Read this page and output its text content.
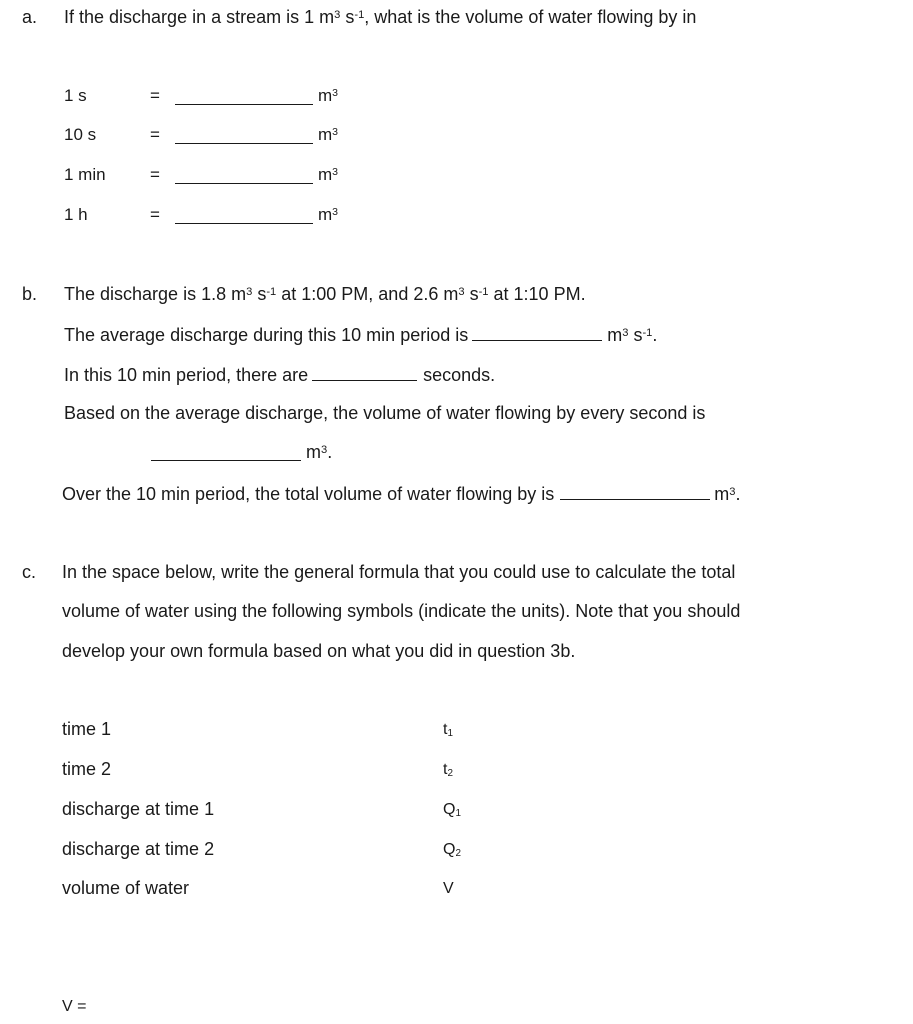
a. If the discharge in a stream is 1 $m^3$ $s^{-1}$, what is the volume of water flowing by in
1 s	=	$m^3$
10 s	=	$m^3$
1 min	=	$m^3$
1 h	=	$m^3$
b. The discharge is 1.8 $m^3$ $s^{-1}$ at 1:00 PM, and 2.6 $m^3$ $s^{-1}$ at 1:10 PM.
The average discharge during this 10 min period is	$m^3$ $s^{-1}$.
In this 10 min period, there are	seconds.
Based on the average discharge, the volume of water flowing by every second is
$m^3$.
Over the 10 min period, the total volume of water flowing by is	$m^3$.
c. In the space below, write the general formula that you could use to calculate the total
volume of water using the following symbols (indicate the units). Note that you should
develop your own formula based on what you did in question 3b.
time 1	$t_1$
time 2	$t_2$
discharge at time 1	$Q_1$
discharge at time 2	$Q_2$
volume of water	V
V =
